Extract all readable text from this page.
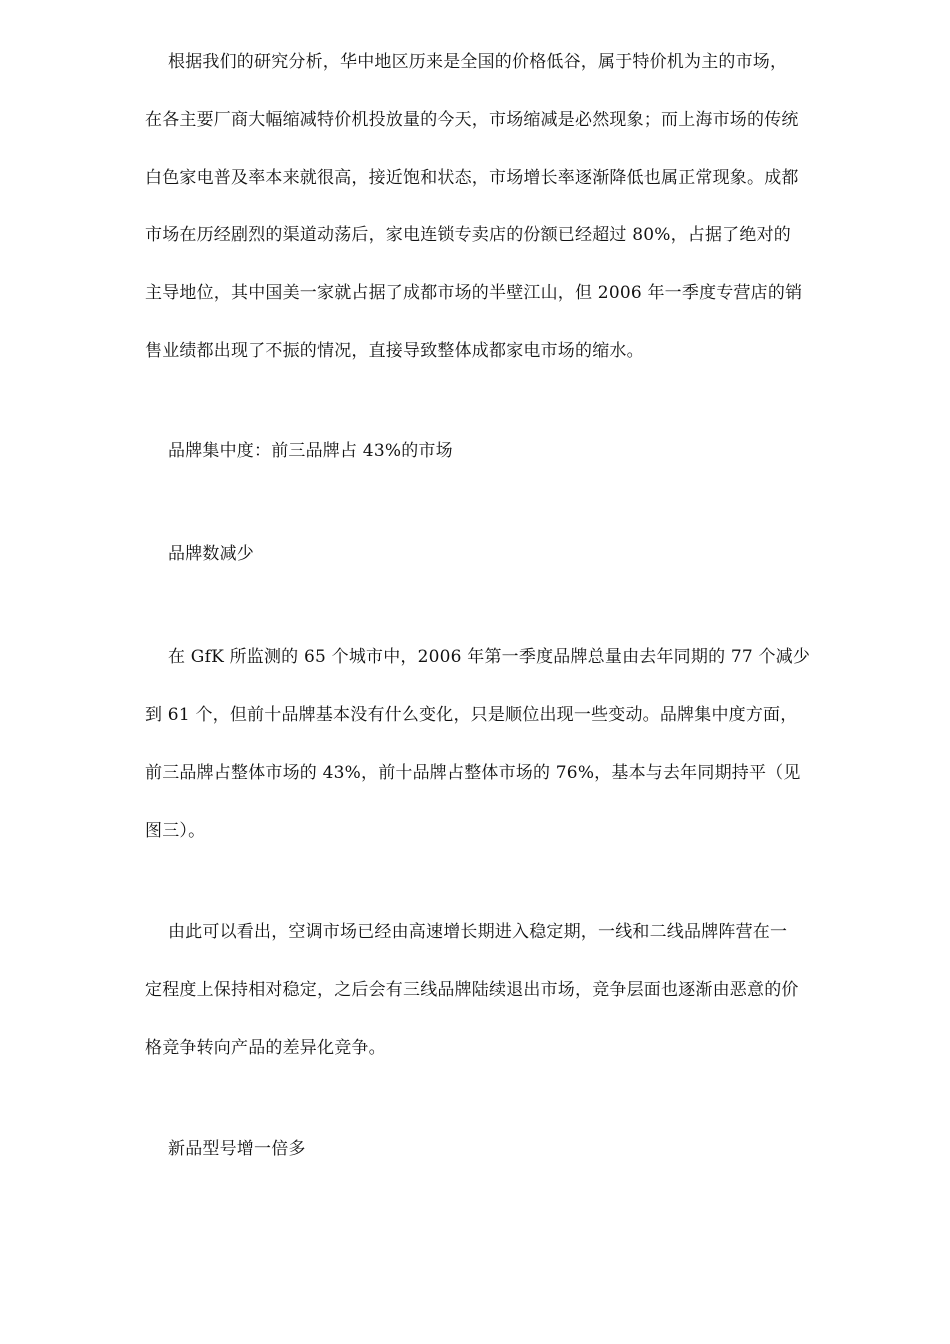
根据我们的研究分析，华中地区历来是全国的价格低谷，属于特价机为主的市场，
在各主要厂商大幅缩减特价机投放量的今天，市场缩减是必然现象；而上海市场的传统
白色家电普及率本来就很高，接近饱和状态，市场增长率逐渐降低也属正常现象。成都
市场在历经剧烈的渠道动荡后，家电连锁专卖店的份额已经超过 80%，占据了绝对的
主导地位，其中国美一家就占据了成都市场的半壁江山，但 2006 年一季度专营店的销
售业绩都出现了不振的情况，直接导致整体成都家电市场的缩水。
品牌集中度：前三品牌占 43%的市场
品牌数减少
在 GfK 所监测的 65 个城市中，2006 年第一季度品牌总量由去年同期的 77 个减少
到 61 个，但前十品牌基本没有什么变化，只是顺位出现一些变动。品牌集中度方面，
前三品牌占整体市场的 43%，前十品牌占整体市场的 76%，基本与去年同期持平（见
图三）。
由此可以看出，空调市场已经由高速增长期进入稳定期，一线和二线品牌阵营在一
定程度上保持相对稳定，之后会有三线品牌陆续退出市场，竞争层面也逐渐由恶意的价
格竞争转向产品的差异化竞争。
新品型号增一倍多
